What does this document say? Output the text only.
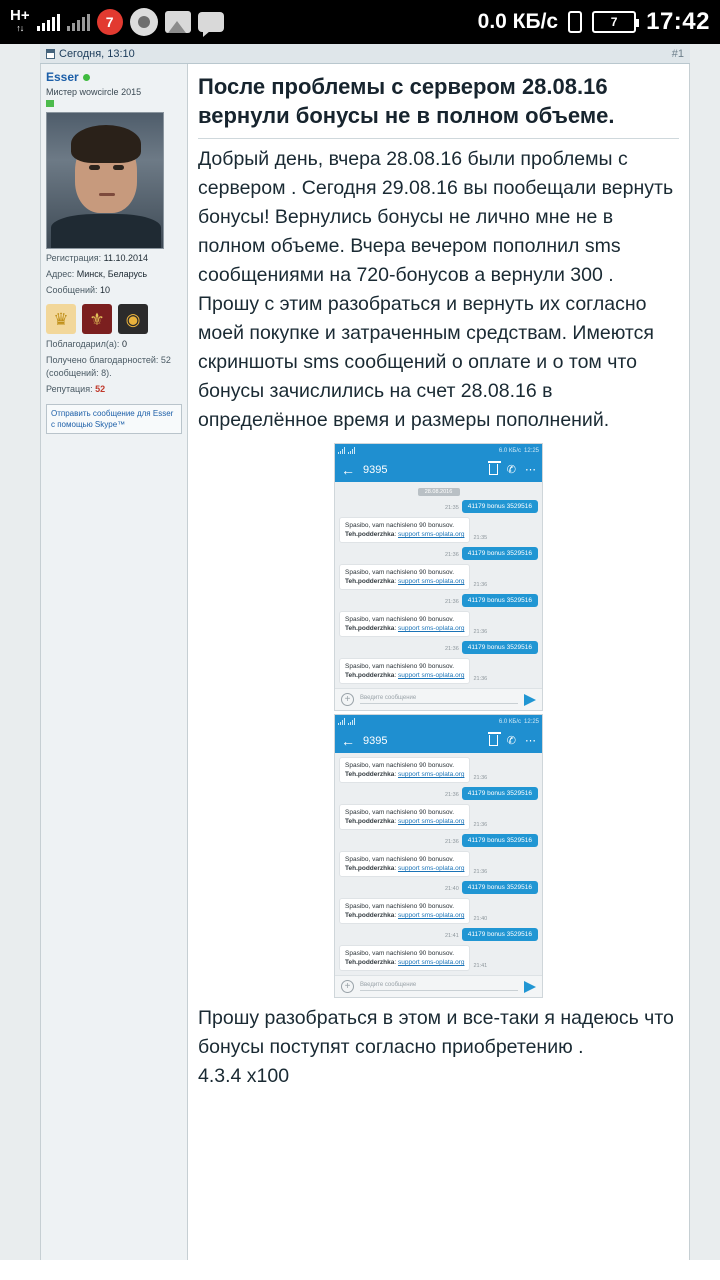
H+
↑↓	7	0.0 КБ/с	7 17:42
Сегодня, 13:10	#1
Esser
Мистер wowcircle 2015
Регистрация: 11.10.2014
Адрес: Минск, Беларусь
Сообщений: 10
♛	⚜	◉
Поблагодарил(а): 0
Получено благодарностей: 52 (сообщений: 8).
Репутация: 52
Отправить сообщение для Esser с помощью Skype™
После проблемы с сервером 28.08.16 вернули бонусы не в полном объеме.
Добрый день, вчера 28.08.16 были проблемы с сервером . Сегодня 29.08.16 вы пообещали вернуть бонусы! Вернулись бонусы не лично мне не в полном объеме. Вчера вечером пополнил sms сообщениями на 720-бонусов а вернули 300 . Прошу с этим разобраться и вернуть их согласно моей покупке и затраченным средствам. Имеются скриншоты sms сообщений о оплате и о том что бонусы зачислились на счет 28.08.16 в определённое время и размеры пополнений.
6.0 КБ/с 12:25
← 9395	✆ ⋯
28.08.2016
21:35	41179 bonus 3529516
Spasibo, vam nachisleno 90 bonusov.
Teh.podderzhka: support sms-oplata.org	21:35
21:36	41179 bonus 3529516
Spasibo, vam nachisleno 90 bonusov.
Teh.podderzhka: support sms-oplata.org	21:36
21:36	41179 bonus 3529516
Spasibo, vam nachisleno 90 bonusov.
Teh.podderzhka: support sms-oplata.org	21:36
21:36	41179 bonus 3529516
Spasibo, vam nachisleno 90 bonusov.
Teh.podderzhka: support sms-oplata.org	21:36
+	Введите сообщение
6.0 КБ/с 12:25
← 9395	✆ ⋯
Spasibo, vam nachisleno 90 bonusov.
Teh.podderzhka: support sms-oplata.org	21:36
21:36	41179 bonus 3529516
Spasibo, vam nachisleno 90 bonusov.
Teh.podderzhka: support sms-oplata.org	21:36
21:36	41179 bonus 3529516
Spasibo, vam nachisleno 90 bonusov.
Teh.podderzhka: support sms-oplata.org	21:36
21:40	41179 bonus 3529516
Spasibo, vam nachisleno 90 bonusov.
Teh.podderzhka: support sms-oplata.org	21:40
21:41	41179 bonus 3529516
Spasibo, vam nachisleno 90 bonusov.
Teh.podderzhka: support sms-oplata.org	21:41
+	Введите сообщение
Прошу разобраться в этом и все-таки я надеюсь что бонусы поступят согласно приобретению .
4.3.4 x100
